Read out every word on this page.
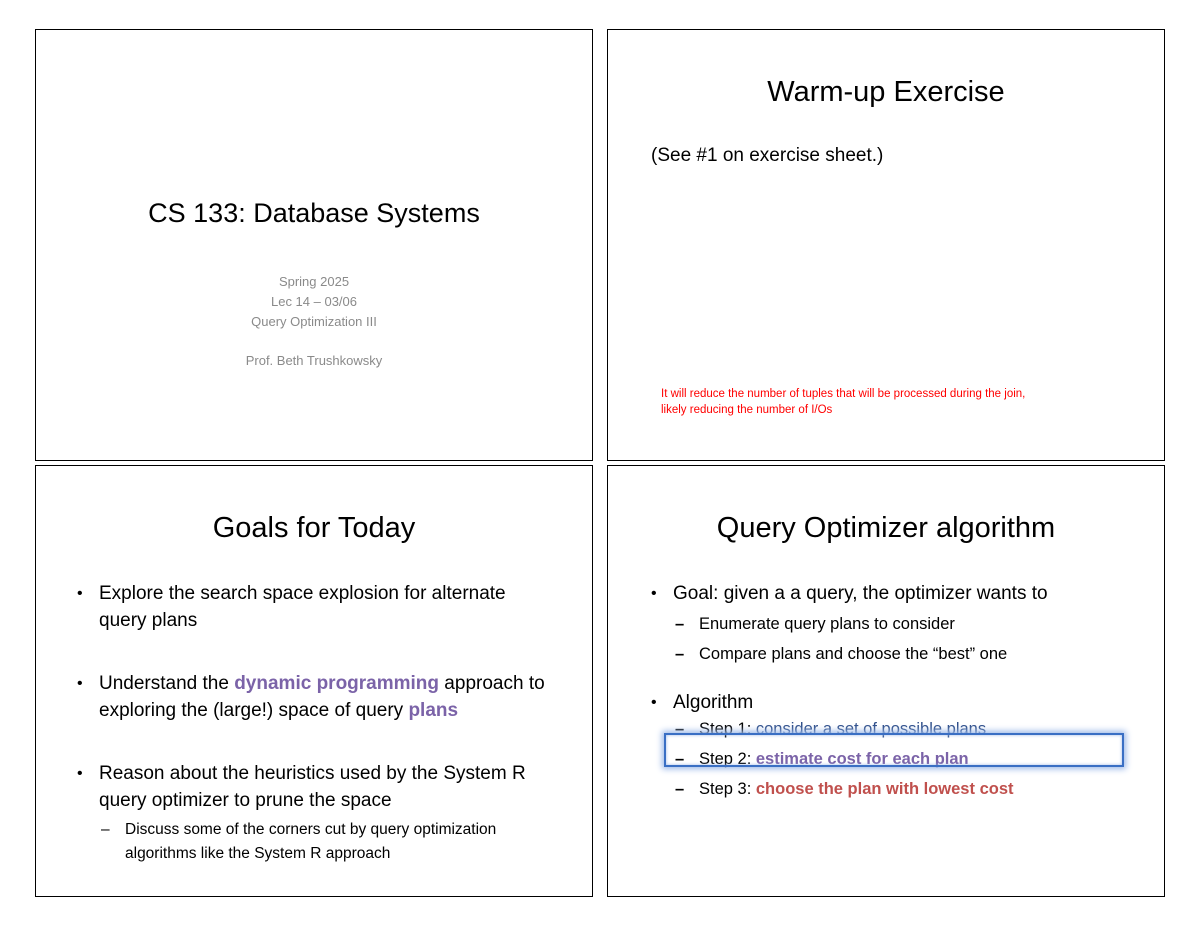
CS 133: Database Systems
Spring 2025
Lec 14 – 03/06
Query Optimization III
Prof. Beth Trushkowsky
Warm-up Exercise
(See #1 on exercise sheet.)
It will reduce the number of tuples that will be processed during the join,
likely reducing the number of I/Os
Goals for Today
• Explore the search space explosion for alternate query plans
• Understand the dynamic programming approach to exploring the (large!) space of query plans
• Reason about the heuristics used by the System R query optimizer to prune the space
– Discuss some of the corners cut by query optimization algorithms like the System R approach
Query Optimizer algorithm
• Goal: given a a query, the optimizer wants to
– Enumerate query plans to consider
– Compare plans and choose the “best” one
• Algorithm
– Step 1: consider a set of possible plans
– Step 2: estimate cost for each plan
– Step 3: choose the plan with lowest cost
